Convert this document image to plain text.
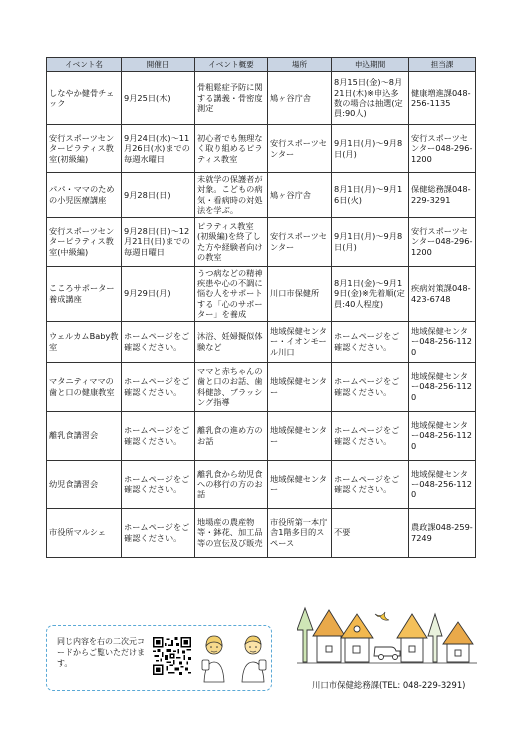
イベント名	開催日	イベント概要	場所	申込期間	担当課
しなやか健骨チェック	9月25日(木)	骨粗鬆症予防に関する講義・骨密度測定	鳩ヶ谷庁舎	8月15日(金)～8月21日(木)※申込多数の場合は抽選(定員:90人)	健康増進課048-256-1135
安行スポーツセンターピラティス教室(初級編)	9月24日(水)～11月26日(水)までの毎週水曜日	初心者でも無理なく取り組めるピラティス教室	安行スポーツセンター	9月1日(月)～9月8日(月)	安行スポーツセンター048-296-1200
パパ・ママのための小児医療講座	9月28日(日)	未就学の保護者が対象。こどもの病気・看病時の対処法を学ぶ。	鳩ヶ谷庁舎	8月1日(月)～9月16日(火)	保健総務課048-229-3291
安行スポーツセンターピラティス教室(中級編)	9月28日(日)～12月21日(日)までの毎週日曜日	ピラティス教室(初級編)を終了した方や経験者向けの教室	安行スポーツセンター	9月1日(月)～9月8日(月)	安行スポーツセンター048-296-1200
こころサポーター養成講座	9月29日(月)	うつ病などの精神疾患や心の不調に悩む人をサポートする「心のサポーター」を養成	川口市保健所	8月1日(金)～9月19日(金)※先着順(定員:40人程度)	疾病対策課048-423-6748
ウェルカムBaby教室	ホームページをご確認ください。	沐浴、妊婦擬似体験など	地域保健センター・イオンモール川口	ホームページをご確認ください。	地域保健センター048-256-1120
マタニティママの歯と口の健康教室	ホームページをご確認ください。	ママと赤ちゃんの歯と口のお話、歯科健診、ブラッシング指導	地域保健センター	ホームページをご確認ください。	地域保健センター048-256-1120
離乳食講習会	ホームページをご確認ください。	離乳食の進め方のお話	地域保健センター	ホームページをご確認ください。	地域保健センター048-256-1120
幼児食講習会	ホームページをご確認ください。	離乳食から幼児食への移行の方のお話	地域保健センター	ホームページをご確認ください。	地域保健センター048-256-1120
市役所マルシェ	ホームページをご確認ください。	地場産の農産物等・鉢花、加工品等の宣伝及び販売	市役所第一本庁舎1階多目的スペース	不要	農政課048-259-7249

同じ内容を右の二次元コードからご覧いただけます。

川口市保健総務課(TEL: 048-229-3291)
